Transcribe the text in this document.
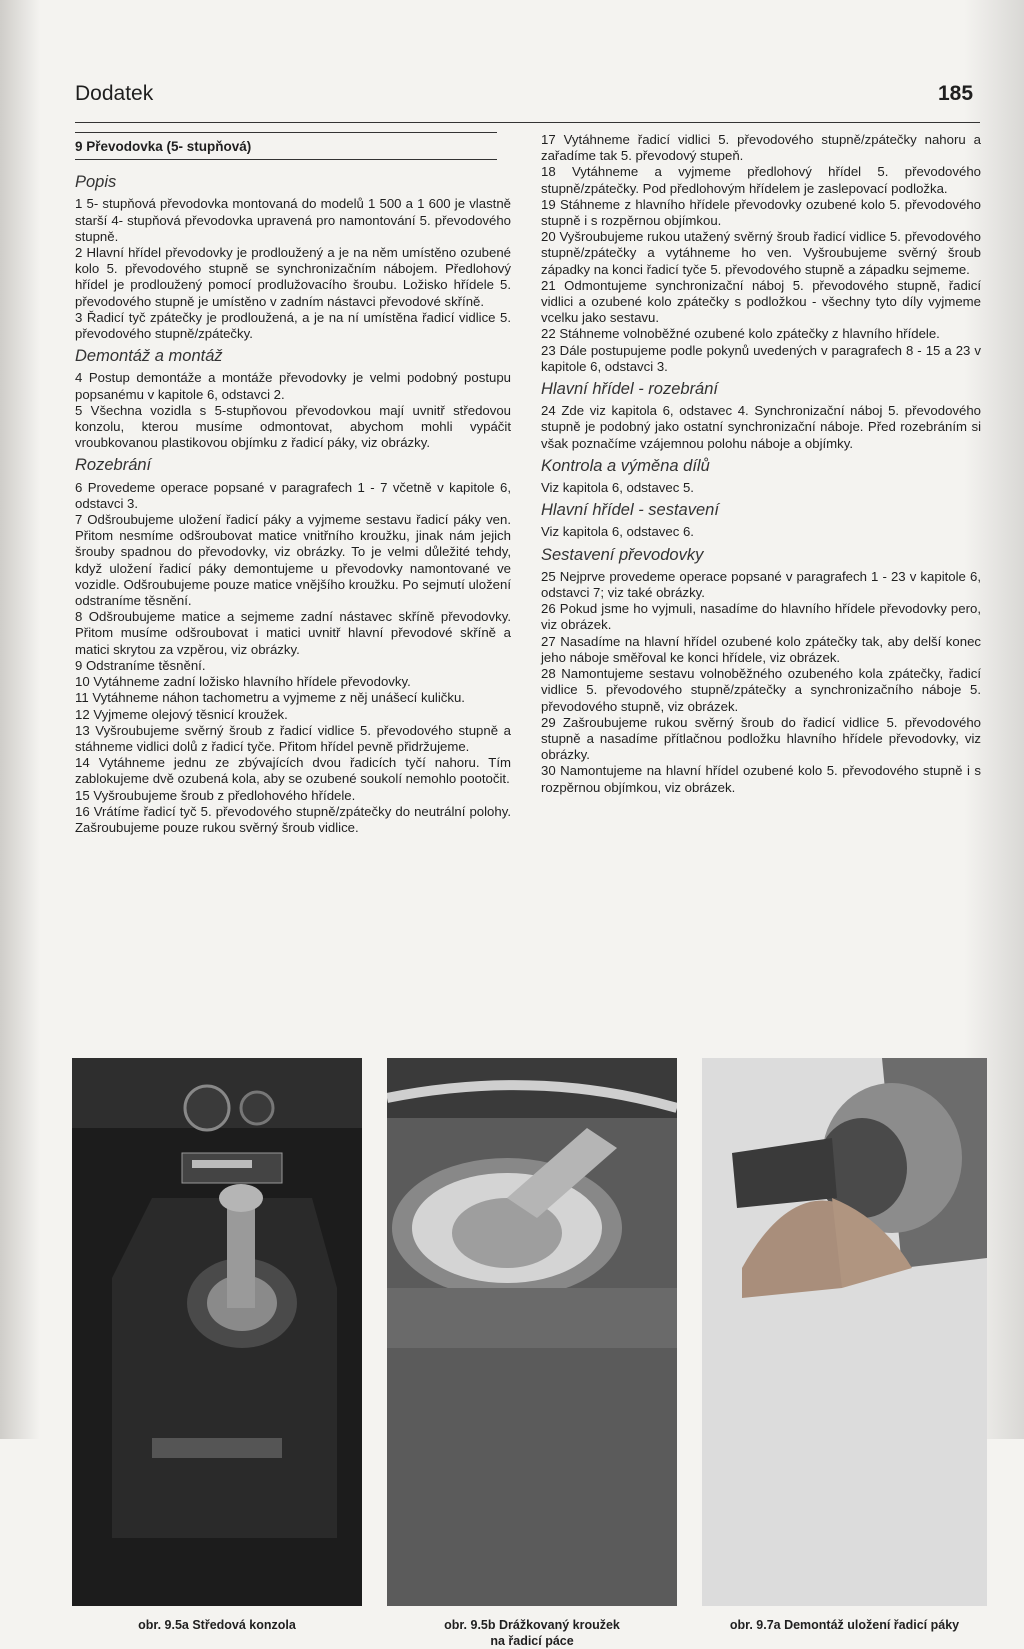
Dodatek	185
9 Převodovka (5- stupňová)
Popis

1 5- stupňová převodovka montovaná do modelů 1 500 a 1 600 je vlastně starší 4- stupňová převodovka upravená pro namontování 5. převodového stupně.

2 Hlavní hřídel převodovky je prodloužený a je na něm umístěno ozubené kolo 5. převodového stupně se synchronizačním nábojem. Předlohový hřídel je prodloužený pomocí prodlužovacího šroubu. Ložisko hřídele 5. převodového stupně je umístěno v zadním nástavci převodové skříně.

3 Řadicí tyč zpátečky je prodloužená, a je na ní umístěna řadicí vidlice 5. převodového stupně/zpátečky.

Demontáž a montáž

4 Postup demontáže a montáže převodovky je velmi podobný postupu popsanému v kapitole 6, odstavci 2.

5 Všechna vozidla s 5-stupňovou převodovkou mají uvnitř středovou konzolu, kterou musíme odmontovat, abychom mohli vypáčit vroubkovanou plastikovou objímku z řadicí páky, viz obrázky.

Rozebrání

6 Provedeme operace popsané v paragrafech 1 - 7 včetně v kapitole 6, odstavci 3.

7 Odšroubujeme uložení řadicí páky a vyjmeme sestavu řadicí páky ven. Přitom nesmíme odšroubovat matice vnitřního kroužku, jinak nám jejich šrouby spadnou do převodovky, viz obrázky. To je velmi důležité tehdy, když uložení řadicí páky demontujeme u převodovky namontované ve vozidle. Odšroubujeme pouze matice vnějšího kroužku. Po sejmutí uložení odstraníme těsnění.

8 Odšroubujeme matice a sejmeme zadní nástavec skříně převodovky. Přitom musíme odšroubovat i matici uvnitř hlavní převodové skříně a matici skrytou za vzpěrou, viz obrázky.

9 Odstraníme těsnění.

10 Vytáhneme zadní ložisko hlavního hřídele převodovky.

11 Vytáhneme náhon tachometru a vyjmeme z něj unášecí kuličku.

12 Vyjmeme olejový těsnicí kroužek.

13 Vyšroubujeme svěrný šroub z řadicí vidlice 5. převodového stupně a stáhneme vidlici dolů z řadicí tyče. Přitom hřídel pevně přidržujeme.

14 Vytáhneme jednu ze zbývajících dvou řadicích tyčí nahoru. Tím zablokujeme dvě ozubená kola, aby se ozubené soukolí nemohlo pootočit.

15 Vyšroubujeme šroub z předlohového hřídele.

16 Vrátíme řadicí tyč 5. převodového stupně/zpátečky do neutrální polohy. Zašroubujeme pouze rukou svěrný šroub vidlice.

17 Vytáhneme řadicí vidlici 5. převodového stupně/zpátečky nahoru a zařadíme tak 5. převodový stupeň.

18 Vytáhneme a vyjmeme předlohový hřídel 5. převodového stupně/zpátečky. Pod předlohovým hřídelem je zaslepovací podložka.

19 Stáhneme z hlavního hřídele převodovky ozubené kolo 5. převodového stupně i s rozpěrnou objímkou.

20 Vyšroubujeme rukou utažený svěrný šroub řadicí vidlice 5. převodového stupně/zpátečky a vytáhneme ho ven. Vyšroubujeme svěrný šroub západky na konci řadicí tyče 5. převodového stupně a západku sejmeme.

21 Odmontujeme synchronizační náboj 5. převodového stupně, řadicí vidlici a ozubené kolo zpátečky s podložkou - všechny tyto díly vyjmeme vcelku jako sestavu.

22 Stáhneme volnoběžné ozubené kolo zpátečky z hlavního hřídele.

23 Dále postupujeme podle pokynů uvedených v paragrafech 8 - 15 a 23 v kapitole 6, odstavci 3.

Hlavní hřídel - rozebrání

24 Zde viz kapitola 6, odstavec 4. Synchronizační náboj 5. převodového stupně je podobný jako ostatní synchronizační náboje. Před rozebráním si však poznačíme vzájemnou polohu náboje a objímky.

Kontrola a výměna dílů

Viz kapitola 6, odstavec 5.

Hlavní hřídel - sestavení

Viz kapitola 6, odstavec 6.

Sestavení převodovky

25 Nejprve provedeme operace popsané v paragrafech 1 - 23 v kapitole 6, odstavci 7; viz také obrázky.

26 Pokud jsme ho vyjmuli, nasadíme do hlavního hřídele převodovky pero, viz obrázek.

27 Nasadíme na hlavní hřídel ozubené kolo zpátečky tak, aby delší konec jeho náboje směřoval ke konci hřídele, viz obrázek.

28 Namontujeme sestavu volnoběžného ozubeného kola zpátečky, řadicí vidlice 5. převodového stupně/zpátečky a synchronizačního náboje 5. převodového stupně, viz obrázek.

29 Zašroubujeme rukou svěrný šroub do řadicí vidlice 5. převodového stupně a nasadíme přítlačnou podložku hlavního hřídele převodovky, viz obrázky.

30 Namontujeme na hlavní hřídel ozubené kolo 5. převodového stupně i s rozpěrnou objímkou, viz obrázek.

obr. 9.5a Středová konzola	obr. 9.5b Drážkovaný kroužek
na řadicí páce
obr. 9.7a Demontáž uložení řadicí páky
